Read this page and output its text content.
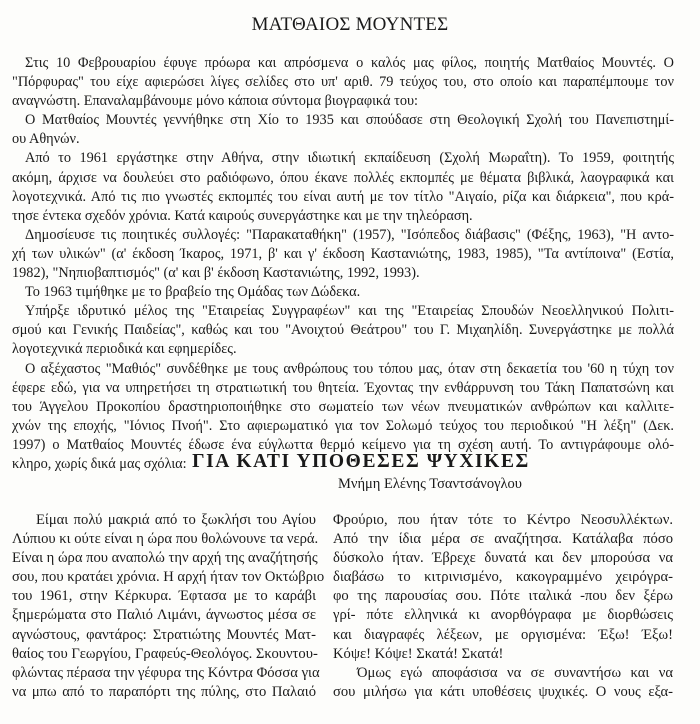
ΜΑΤΘΑΙΟΣ ΜΟΥΝΤΕΣ
Στις 10 Φεβρουαρίου έφυγε πρόωρα και απρόσμενα ο καλός μας φίλος, ποιητής Ματθαίος Μουντές. Ο
"Πόρφυρας" του είχε αφιερώσει λίγες σελίδες στο υπ' αριθ. 79 τεύχος του, στο οποίο και παραπέμπουμε τον
αναγνώστη. Επαναλαμβάνουμε μόνο κάποια σύντομα βιογραφικά του:
Ο Ματθαίος Μουντές γεννήθηκε στη Χίο το 1935 και σπούδασε στη Θεολογική Σχολή του Πανεπιστημί-
ου Αθηνών.
Από το 1961 εργάστηκε στην Αθήνα, στην ιδιωτική εκπαίδευση (Σχολή Μωραΐτη). Το 1959, φοιτητής
ακόμη, άρχισε να δουλεύει στο ραδιόφωνο, όπου έκανε πολλές εκπομπές με θέματα βιβλικά, λαογραφικά και
λογοτεχνικά. Από τις πιο γνωστές εκπομπές του είναι αυτή με τον τίτλο "Αιγαίο, ρίζα και διάρκεια", που κρά-
τησε έντεκα σχεδόν χρόνια. Κατά καιρούς συνεργάστηκε και με την τηλεόραση.
Δημοσίευσε τις ποιητικές συλλογές: "Παρακαταθήκη" (1957), "Ισόπεδος διάβασις" (Φέξης, 1963), "Η αντο-
χή των υλικών" (α' έκδοση Ίκαρος, 1971, β' και γ' έκδοση Καστανιώτης, 1983, 1985), "Τα αντίποινα" (Εστία,
1982), "Νηπιοβαπτισμός" (α' και β' έκδοση Καστανιώτης, 1992, 1993).
Το 1963 τιμήθηκε με το βραβείο της Ομάδας των Δώδεκα.
Υπήρξε ιδρυτικό μέλος της "Εταιρείας Συγγραφέων" και της "Εταιρείας Σπουδών Νεοελληνικού Πολιτι-
σμού και Γενικής Παιδείας", καθώς και του "Ανοιχτού Θεάτρου" του Γ. Μιχαηλίδη. Συνεργάστηκε με πολλά
λογοτεχνικά περιοδικά και εφημερίδες.
Ο αξέχαστος "Μαθιός" συνδέθηκε με τους ανθρώπους του τόπου μας, όταν στη δεκαετία του '60 η τύχη τον
έφερε εδώ, για να υπηρετήσει τη στρατιωτική του θητεία. Έχοντας την ενθάρρυνση του Τάκη Παπατσώνη και
του Άγγελου Προκοπίου δραστηριοποιήθηκε στο σωματείο των νέων πνευματικών ανθρώπων και καλλιτε-
χνών της εποχής, "Ιόνιος Πνοή". Στο αφιερωματικό για τον Σολωμό τεύχος του περιοδικού "Η λέξη" (Δεκ.
1997) ο Ματθαίος Μουντές έδωσε ένα εύγλωττα θερμό κείμενο για τη σχέση αυτή. Το αντιγράφουμε ολό-
κληρο, χωρίς δικά μας σχόλια: ΓΙΑ ΚΑΤΙ ΥΠΟΘΕΣΕΣ ΨΥΧΙΚΕΣ
Μνήμη Ελένης Τσαντσάνογλου
Είμαι πολύ μακριά από το ξωκλήσι του Αγίου
Λύπιου κι ούτε είναι η ώρα που θολώνουνε τα νερά.
Είναι η ώρα που αναπολώ την αρχή της αναζήτησής
σου, που κρατάει χρόνια. Η αρχή ήταν τον Οκτώβριο
του 1961, στην Κέρκυρα. Έφτασα με το καράβι
ξημερώματα στο Παλιό Λιμάνι, άγνωστος μέσα σε
αγνώστους, φαντάρος: Στρατιώτης Μουντές Ματ-
θαίος του Γεωργίου, Γραφεύς-Θεολόγος. Σκουντου-
φλώντας πέρασα την γέφυρα της Κόντρα Φόσσα για
να μπω από το παραπόρτι της πύλης, στο Παλαιό
Φρούριο, που ήταν τότε το Κέντρο Νεοσυλλέκτων.
Από την ίδια μέρα σε αναζήτησα. Κατάλαβα πόσο
δύσκολο ήταν. Έβρεχε δυνατά και δεν μπορούσα να
διαβάσω το κιτρινισμένο, κακογραμμένο χειρόγρα-
φο της παρουσίας σου. Πότε ιταλικά -που δεν ξέρω
γρί- πότε ελληνικά κι ανορθόγραφα με διορθώσεις
και διαγραφές λέξεων, με οργισμένα: Έξω! Έξω!
Κόψε! Κόψε! Σκατά! Σκατά!
Όμως εγώ αποφάσισα να σε συναντήσω και να
σου μιλήσω για κάτι υποθέσεις ψυχικές. Ο νους εξα-
